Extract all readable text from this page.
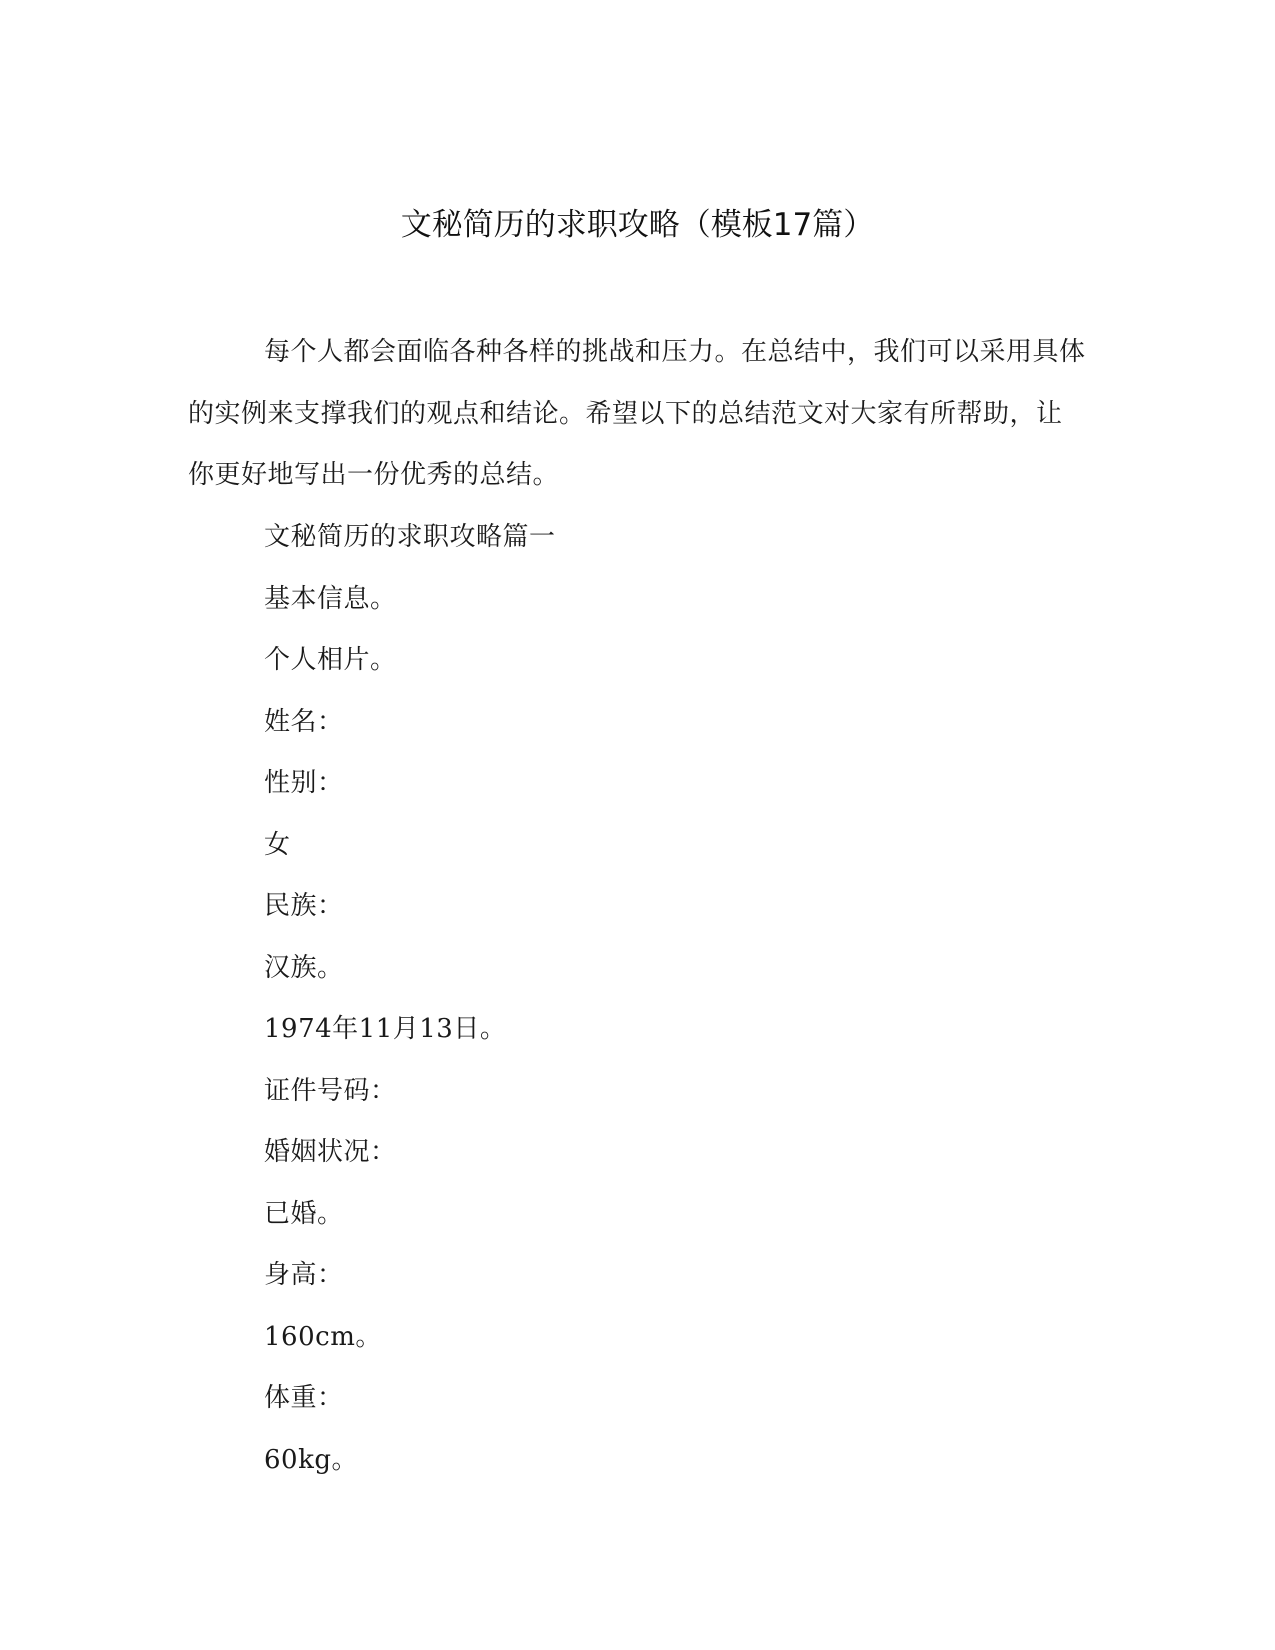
文秘简历的求职攻略（模板17篇）

每个人都会面临各种各样的挑战和压力。在总结中，我们可以采用具体的实例来支撑我们的观点和结论。希望以下的总结范文对大家有所帮助，让你更好地写出一份优秀的总结。

文秘简历的求职攻略篇一
基本信息。
个人相片。
姓名：
性别：
女
民族：
汉族。
1974年11月13日。
证件号码：
婚姻状况：
已婚。
身高：
160cm。
体重：
60kg。
